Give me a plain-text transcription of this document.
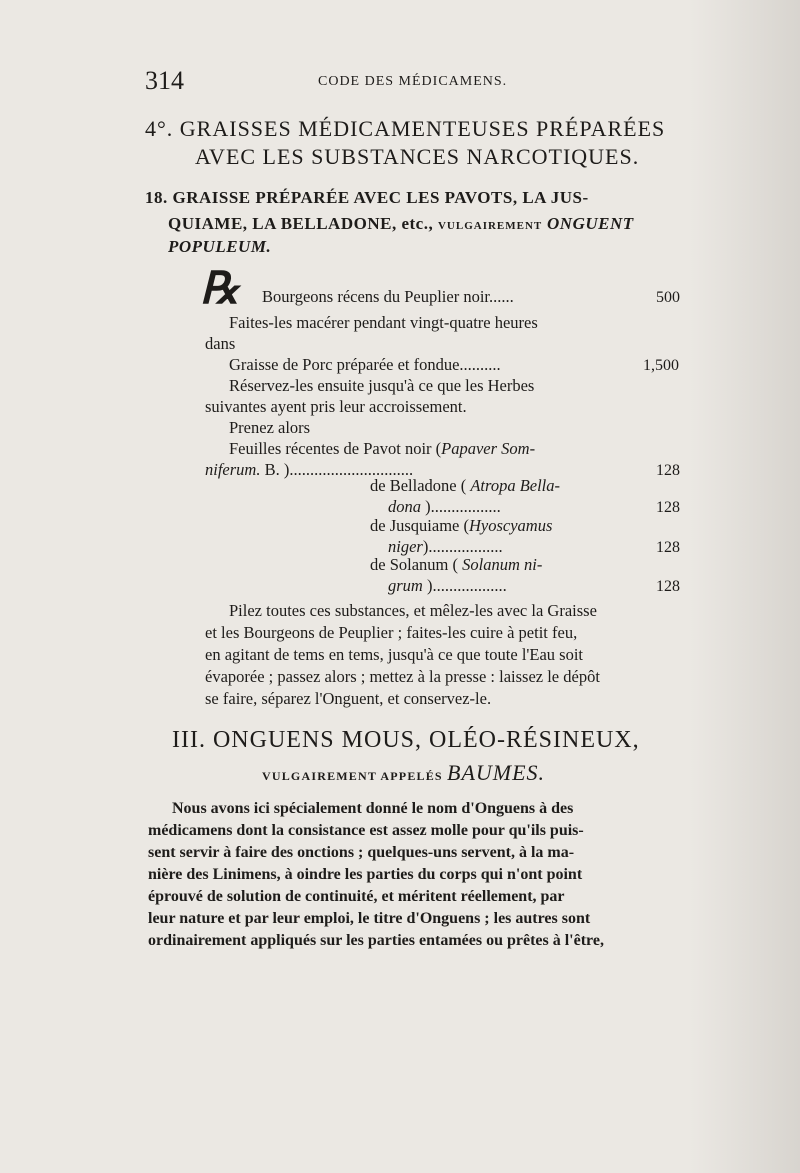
314	CODE DES MÉDICAMENS.
4°. GRAISSES MÉDICAMENTEUSES PRÉPARÉES
AVEC LES SUBSTANCES NARCOTIQUES.
18. GRAISSE PRÉPARÉE AVEC LES PAVOTS, LA JUS-
QUIAME, LA BELLADONE, etc., VULGAIREMENT ONGUENT
POPULEUM.
℞ Bourgeons récens du Peuplier noir......	500
Faites-les macérer pendant vingt-quatre heures
dans
Graisse de Porc préparée et fondue..........	1,500
Réservez-les ensuite jusqu'à ce que les Herbes
suivantes ayent pris leur accroissement.
Prenez alors
Feuilles récentes de Pavot noir (Papaver Som-
niferum. B. )..............................	128
de Belladone ( Atropa Bella-
dona ).................	128
de Jusquiame (Hyoscyamus
niger)..................	128
de Solanum ( Solanum ni-
grum )..................	128
Pilez toutes ces substances, et mêlez-les avec la Graisse
et les Bourgeons de Peuplier ; faites-les cuire à petit feu,
en agitant de tems en tems, jusqu'à ce que toute l'Eau soit
évaporée ; passez alors ; mettez à la presse : laissez le dépôt
se faire, séparez l'Onguent, et conservez-le.
III. ONGUENS MOUS, OLÉO-RÉSINEUX,
VULGAIREMENT APPELÉS BAUMES.
Nous avons ici spécialement donné le nom d'Onguens à des
médicamens dont la consistance est assez molle pour qu'ils puis-
sent servir à faire des onctions ; quelques-uns servent, à la ma-
nière des Linimens, à oindre les parties du corps qui n'ont point
éprouvé de solution de continuité, et méritent réellement, par
leur nature et par leur emploi, le titre d'Onguens ; les autres sont
ordinairement appliqués sur les parties entamées ou prêtes à l'être,
